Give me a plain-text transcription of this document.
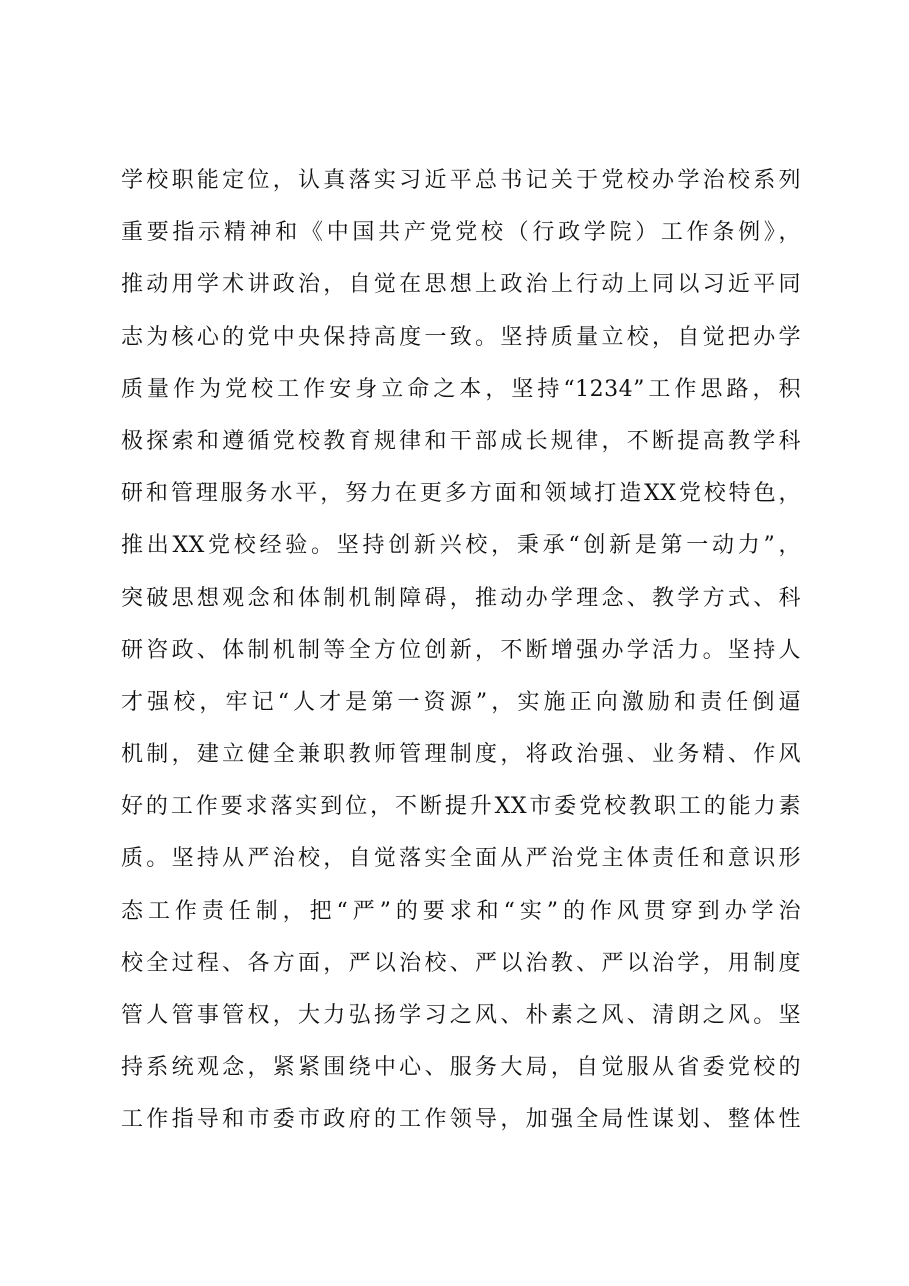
学校职能定位，认真落实习近平总书记关于党校办学治校系列
重要指示精神和《中国共产党党校（行政学院）工作条例》，
推动用学术讲政治，自觉在思想上政治上行动上同以习近平同
志为核心的党中央保持高度一致。坚持质量立校，自觉把办学
质量作为党校工作安身立命之本，坚持“1234”工作思路，积
极探索和遵循党校教育规律和干部成长规律，不断提高教学科
研和管理服务水平，努力在更多方面和领域打造XX党校特色，
推出XX党校经验。坚持创新兴校，秉承“创新是第一动力”，
突破思想观念和体制机制障碍，推动办学理念、教学方式、科
研咨政、体制机制等全方位创新，不断增强办学活力。坚持人
才强校，牢记“人才是第一资源”，实施正向激励和责任倒逼
机制，建立健全兼职教师管理制度，将政治强、业务精、作风
好的工作要求落实到位，不断提升XX市委党校教职工的能力素
质。坚持从严治校，自觉落实全面从严治党主体责任和意识形
态工作责任制，把“严”的要求和“实”的作风贯穿到办学治
校全过程、各方面，严以治校、严以治教、严以治学，用制度
管人管事管权，大力弘扬学习之风、朴素之风、清朗之风。坚
持系统观念，紧紧围绕中心、服务大局，自觉服从省委党校的
工作指导和市委市政府的工作领导，加强全局性谋划、整体性
